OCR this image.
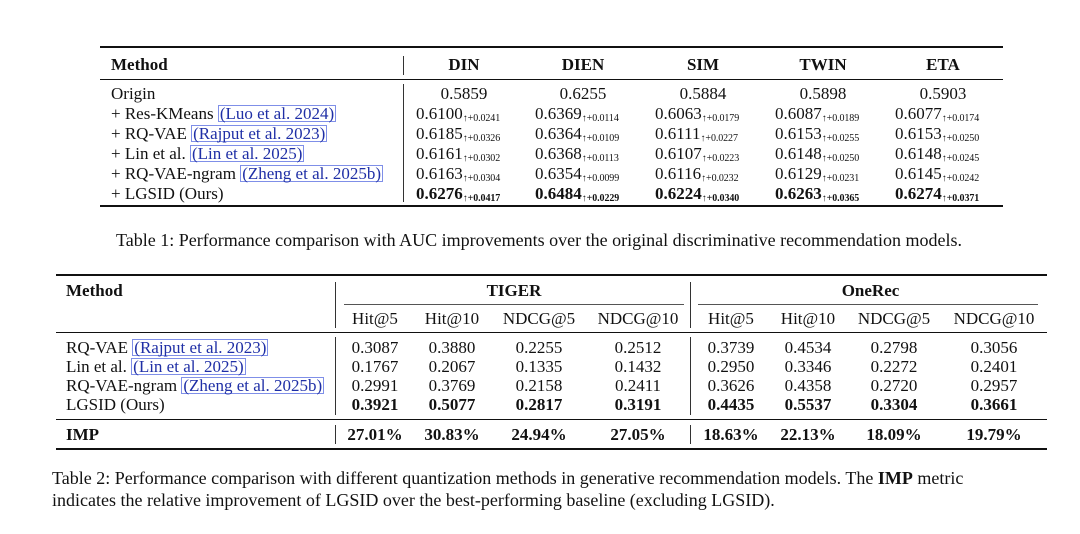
Method	DIN	DIEN	SIM	TWIN	ETA
Origin	0.5859	0.6255	0.5884	0.5898	0.5903
+ Res-KMeans (Luo et al. 2024)	$0.6100_{↑+0.0241}$ $0.6369_{↑+0.0114}$ $0.6063_{↑+0.0179}$ $0.6087_{↑+0.0189}$ $0.6077_{↑+0.0174}$
+ RQ-VAE (Rajput et al. 2023)	$0.6185_{↑+0.0326}$ $0.6364_{↑+0.0109}$ $0.6111_{↑+0.0227}$ $0.6153_{↑+0.0255}$ $0.6153_{↑+0.0250}$
+ Lin et al. (Lin et al. 2025)	$0.6161_{↑+0.0302}$ $0.6368_{↑+0.0113}$ $0.6107_{↑+0.0223}$ $0.6148_{↑+0.0250}$ $0.6148_{↑+0.0245}$
+ RQ-VAE-ngram (Zheng et al. 2025b) $0.6163_{↑+0.0304}$ $0.6354_{↑+0.0099}$ $0.6116_{↑+0.0232}$ $0.6129_{↑+0.0231}$ $0.6145_{↑+0.0242}$
+ LGSID (Ours)	$0.6276_{↑+0.0417}$ $0.6484_{↑+0.0229}$ $0.6224_{↑+0.0340}$ $0.6263_{↑+0.0365}$ $0.6274_{↑+0.0371}$
Table 1: Performance comparison with AUC improvements over the original discriminative recommendation models.
Method	TIGER	OneRec
Hit@5	Hit@10	NDCG@5	NDCG@10	Hit@5	Hit@10	NDCG@5	NDCG@10
RQ-VAE (Rajput et al. 2023)	0.3087	0.3880	0.2255	0.2512	0.3739	0.4534	0.2798	0.3056
Lin et al. (Lin et al. 2025)	0.1767	0.2067	0.1335	0.1432	0.2950	0.3346	0.2272	0.2401
RQ-VAE-ngram (Zheng et al. 2025b)	0.2991	0.3769	0.2158	0.2411	0.3626	0.4358	0.2720	0.2957
LGSID (Ours)	0.3921	0.5077	0.2817	0.3191	0.4435	0.5537	0.3304	0.3661
IMP	27.01%	30.83%	24.94%	27.05%	18.63%	22.13%	18.09%	19.79%
Table 2: Performance comparison with different quantization methods in generative recommendation models. The IMP metric
indicates the relative improvement of LGSID over the best-performing baseline (excluding LGSID).
